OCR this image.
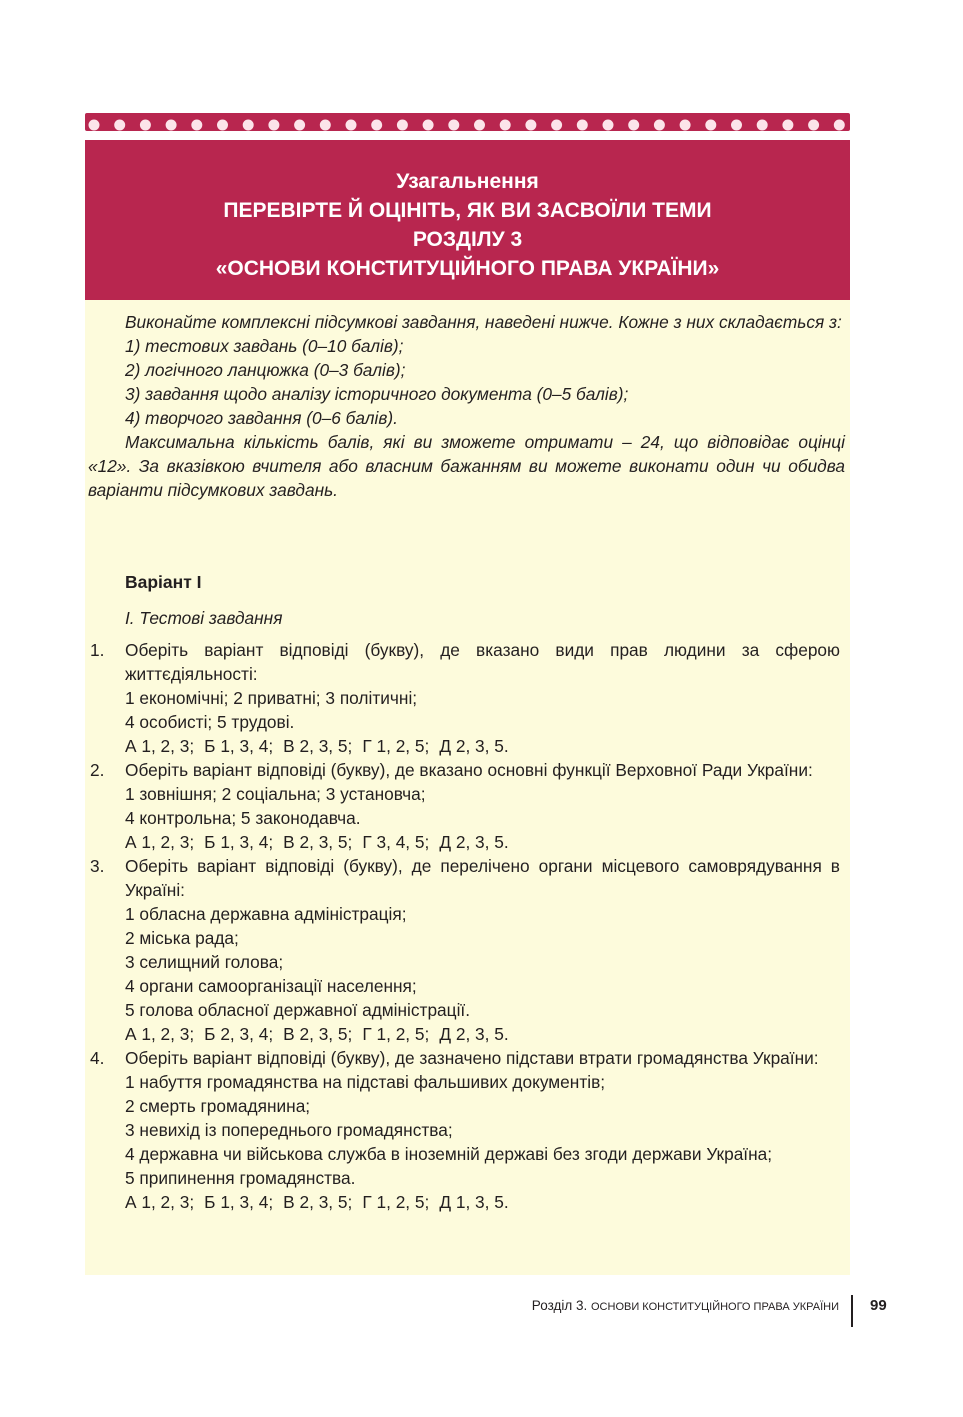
Узагальнення
ПЕРЕВІРТЕ Й ОЦІНІТЬ, ЯК ВИ ЗАСВОЇЛИ ТЕМИ
РОЗДІЛУ 3
«ОСНОВИ КОНСТИТУЦІЙНОГО ПРАВА УКРАЇНИ»
Виконайте комплексні підсумкові завдання, наведені нижче. Кожне з них складається з:
1) тестових завдань (0–10 балів);
2) логічного ланцюжка (0–3 балів);
3) завдання щодо аналізу історичного документа (0–5 балів);
4) творчого завдання (0–6 балів).
Максимальна кількість балів, які ви зможете отримати – 24, що відповідає оцінці «12». За вказівкою вчителя або власним бажанням ви можете виконати один чи обидва варіанти підсумкових завдань.
Варіант І
І. Тестові завдання
1. Оберіть варіант відповіді (букву), де вказано види прав людини за сферою життєдіяльності:
1 економічні; 2 приватні; 3 політичні;
4 особисті; 5 трудові.
А 1, 2, 3; Б 1, 3, 4; В 2, 3, 5; Г 1, 2, 5; Д 2, 3, 5.
2. Оберіть варіант відповіді (букву), де вказано основні функції Верховної Ради України:
1 зовнішня; 2 соціальна; 3 установча;
4 контрольна; 5 законодавча.
А 1, 2, 3; Б 1, 3, 4; В 2, 3, 5; Г 3, 4, 5; Д 2, 3, 5.
3. Оберіть варіант відповіді (букву), де перелічено органи місцевого самоврядування в Україні:
1 обласна державна адміністрація;
2 міська рада;
3 селищний голова;
4 органи самоорганізації населення;
5 голова обласної державної адміністрації.
А 1, 2, 3; Б 2, 3, 4; В 2, 3, 5; Г 1, 2, 5; Д 2, 3, 5.
4. Оберіть варіант відповіді (букву), де зазначено підстави втрати громадянства України:
1 набуття громадянства на підставі фальшивих документів;
2 смерть громадянина;
3 невихід із попереднього громадянства;
4 державна чи військова служба в іноземній державі без згоди держави Україна;
5 припинення громадянства.
А 1, 2, 3; Б 1, 3, 4; В 2, 3, 5; Г 1, 2, 5; Д 1, 3, 5.
Розділ 3. ОСНОВИ КОНСТИТУЦІЙНОГО ПРАВА УКРАЇНИ 99
